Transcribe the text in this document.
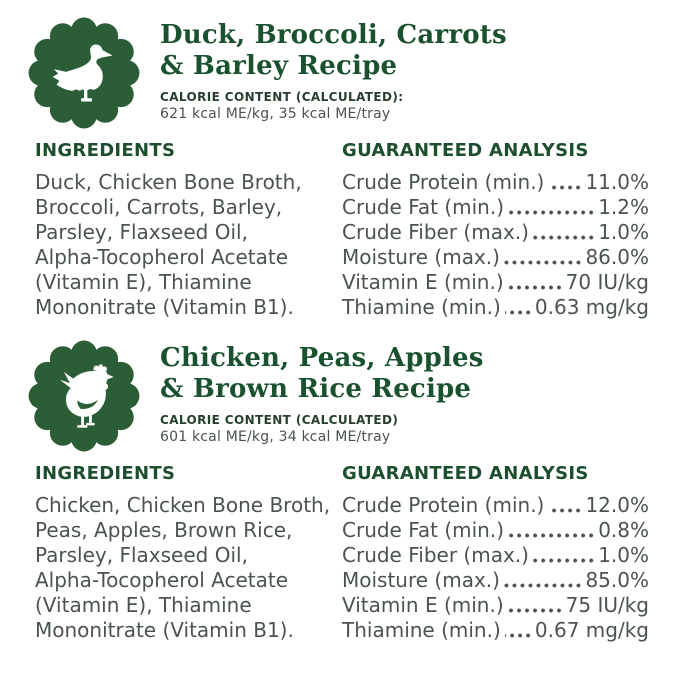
Duck, Broccoli, Carrots
& Barley Recipe
CALORIE CONTENT (CALCULATED):
621 kcal ME/kg, 35 kcal ME/tray
INGREDIENTS
Duck, Chicken Bone Broth,
Broccoli, Carrots, Barley,
Parsley, Flaxseed Oil,
Alpha-Tocopherol Acetate
(Vitamin E), Thiamine
Mononitrate (Vitamin B1).
GUARANTEED ANALYSIS
Crude Protein (min.) 11.0%
Crude Fat (min.)	1.2%
Crude Fiber (max.)	1.0%
Moisture (max.)	86.0%
Vitamin E (min.)	70 IU/kg
Thiamine (min.) 0.63 mg/kg
Chicken, Peas, Apples
& Brown Rice Recipe
CALORIE CONTENT (CALCULATED)
601 kcal ME/kg, 34 kcal ME/tray
INGREDIENTS
Chicken, Chicken Bone Broth,
Peas, Apples, Brown Rice,
Parsley, Flaxseed Oil,
Alpha-Tocopherol Acetate
(Vitamin E), Thiamine
Mononitrate (Vitamin B1).
GUARANTEED ANALYSIS
Crude Protein (min.) 12.0%
Crude Fat (min.)	0.8%
Crude Fiber (max.)	1.0%
Moisture (max.)	85.0%
Vitamin E (min.)	75 IU/kg
Thiamine (min.) 0.67 mg/kg
